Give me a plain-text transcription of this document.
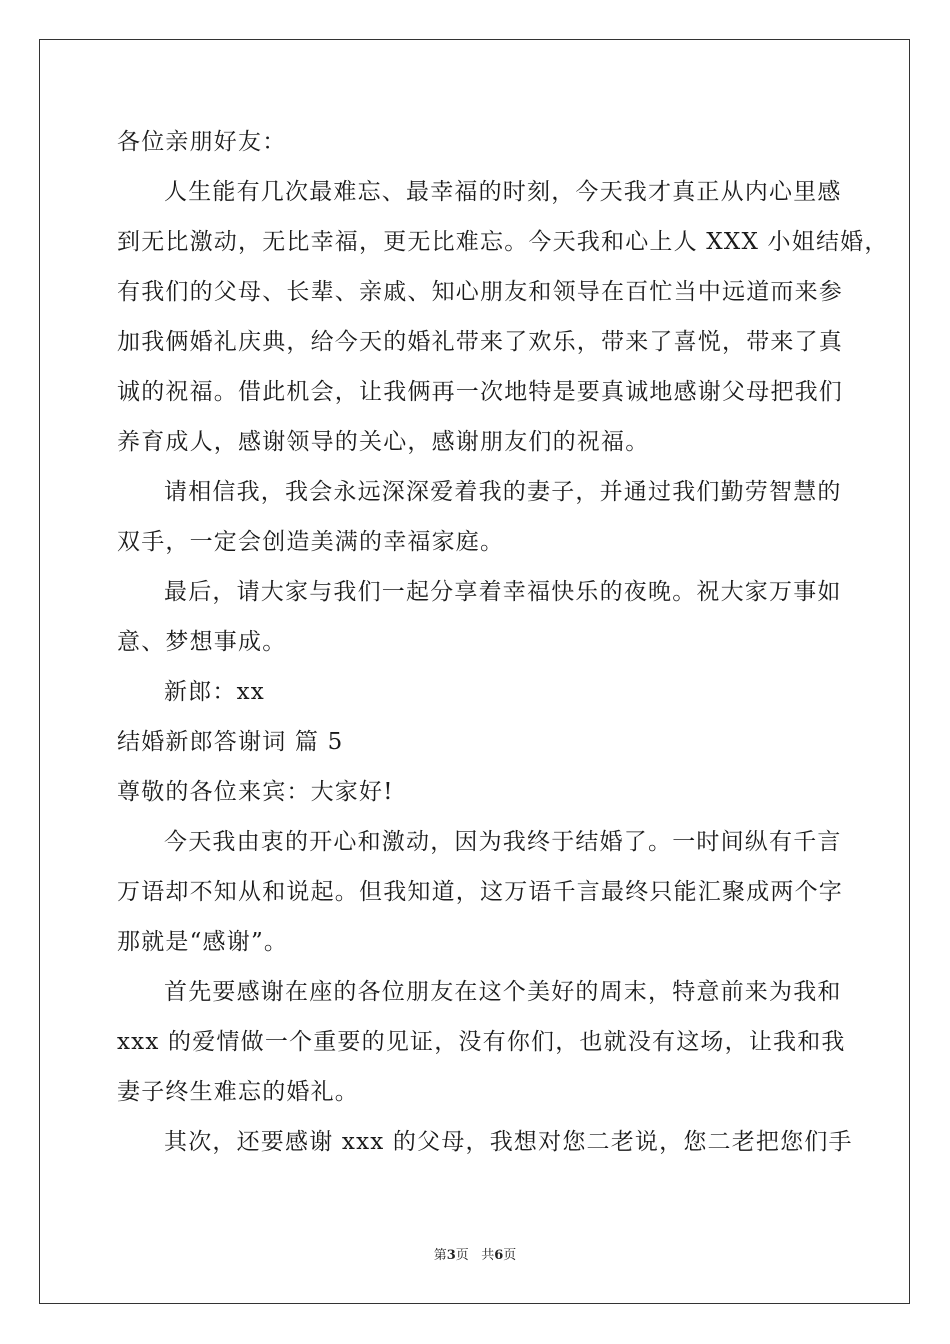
各位亲朋好友：

人生能有几次最难忘、最幸福的时刻，今天我才真正从内心里感

到无比激动，无比幸福，更无比难忘。今天我和心上人 XXX 小姐结婚，

有我们的父母、长辈、亲戚、知心朋友和领导在百忙当中远道而来参

加我俩婚礼庆典，给今天的婚礼带来了欢乐，带来了喜悦，带来了真

诚的祝福。借此机会，让我俩再一次地特是要真诚地感谢父母把我们

养育成人，感谢领导的关心，感谢朋友们的祝福。

请相信我，我会永远深深爱着我的妻子，并通过我们勤劳智慧的

双手，一定会创造美满的幸福家庭。

最后，请大家与我们一起分享着幸福快乐的夜晚。祝大家万事如

意、梦想事成。

新郎：xx

结婚新郎答谢词 篇 5

尊敬的各位来宾：大家好!

今天我由衷的开心和激动，因为我终于结婚了。一时间纵有千言

万语却不知从和说起。但我知道，这万语千言最终只能汇聚成两个字

那就是“感谢”。

首先要感谢在座的各位朋友在这个美好的周末，特意前来为我和

xxx 的爱情做一个重要的见证，没有你们，也就没有这场，让我和我

妻子终生难忘的婚礼。

其次，还要感谢 xxx 的父母，我想对您二老说，您二老把您们手

第3页 共6页
